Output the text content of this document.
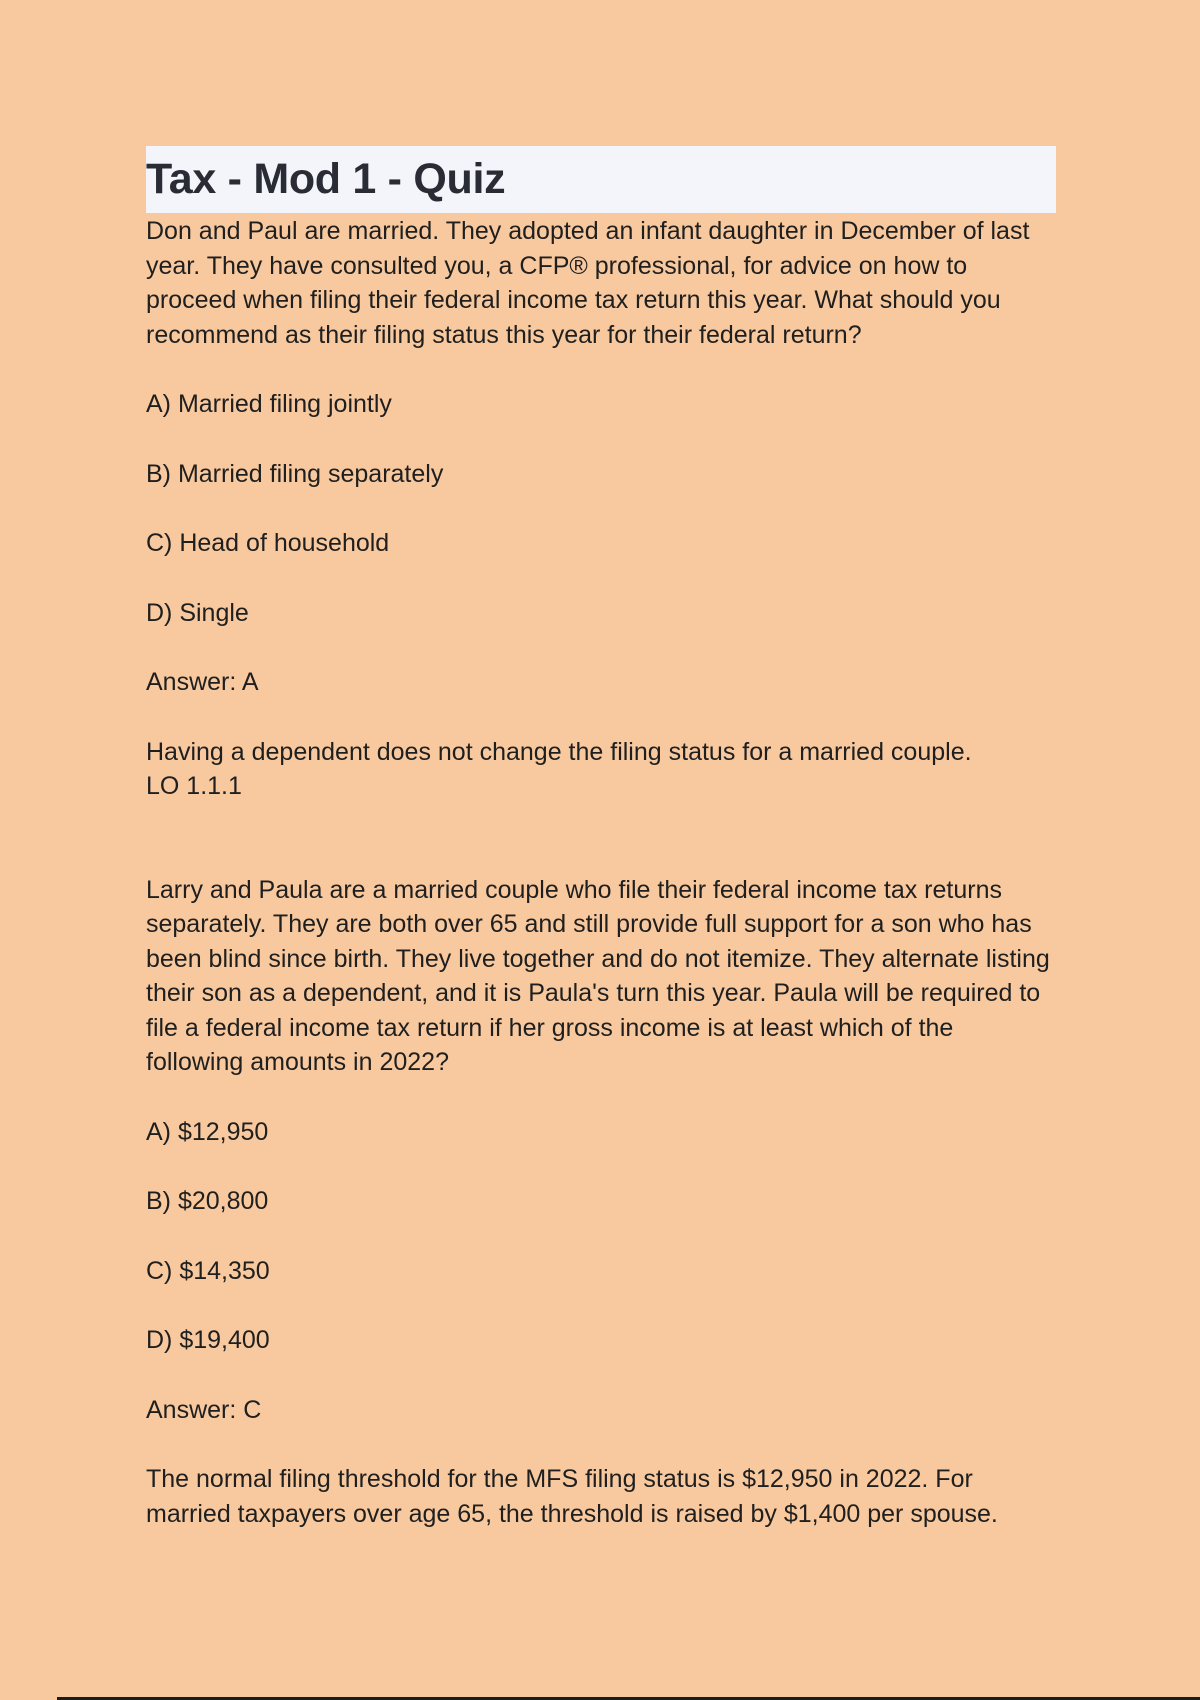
Tax - Mod 1 - Quiz

Don and Paul are married. They adopted an infant daughter in December of last year. They have consulted you, a CFP® professional, for advice on how to proceed when filing their federal income tax return this year. What should you recommend as their filing status this year for their federal return?

A) Married filing jointly

B) Married filing separately

C) Head of household

D) Single

Answer: A

Having a dependent does not change the filing status for a married couple.

LO 1.1.1

Larry and Paula are a married couple who file their federal income tax returns separately. They are both over 65 and still provide full support for a son who has been blind since birth. They live together and do not itemize. They alternate listing their son as a dependent, and it is Paula's turn this year. Paula will be required to file a federal income tax return if her gross income is at least which of the following amounts in 2022?

A) $12,950

B) $20,800

C) $14,350

D) $19,400

Answer: C

The normal filing threshold for the MFS filing status is $12,950 in 2022. For married taxpayers over age 65, the threshold is raised by $1,400 per spouse.
